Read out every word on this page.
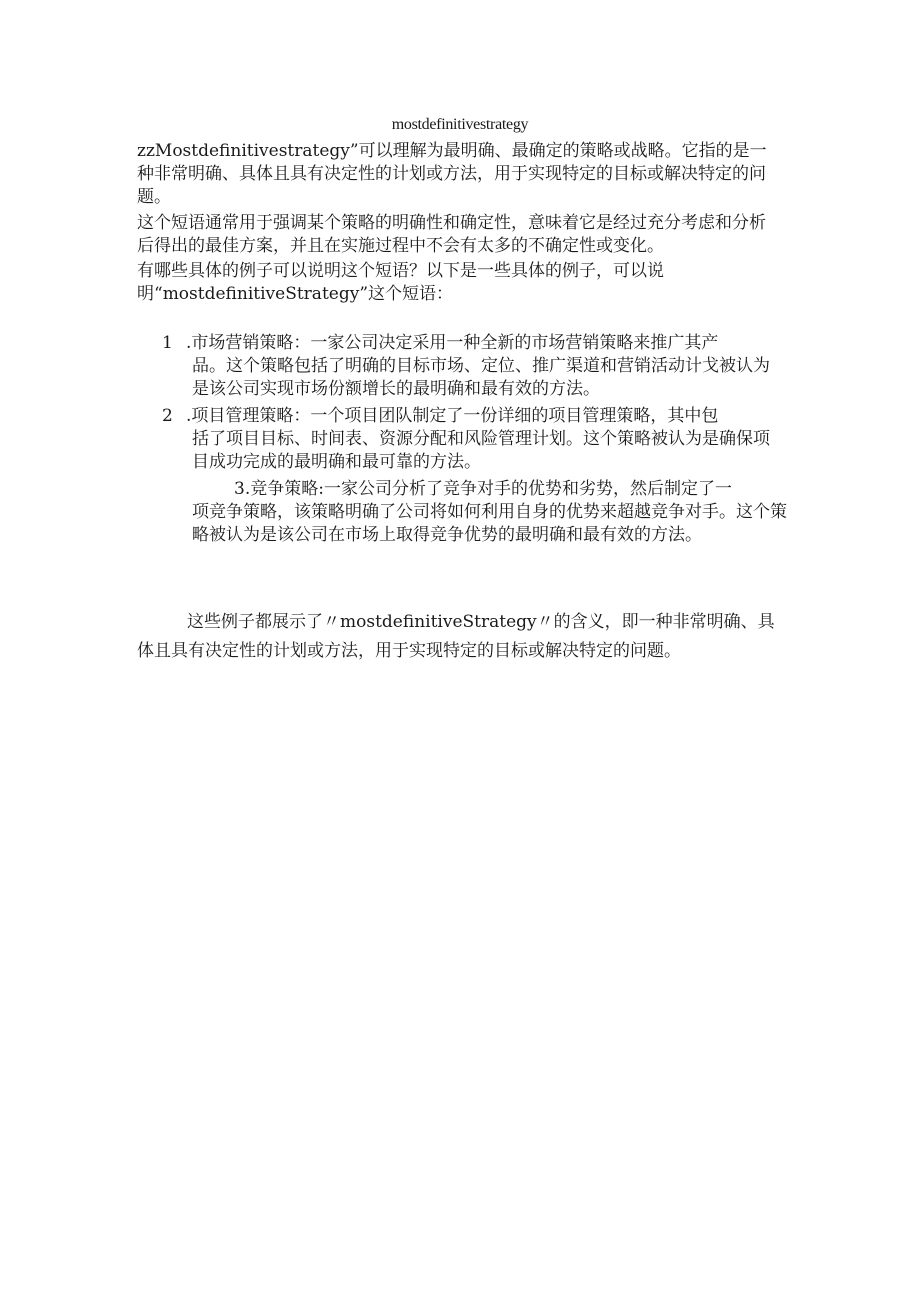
mostdefinitivestrategy

zzMostdefinitivestrategy”可以理解为最明确、最确定的策略或战略。它指的是一种非常明确、具体且具有决定性的计划或方法，用于实现特定的目标或解决特定的问题。

这个短语通常用于强调某个策略的明确性和确定性，意味着它是经过充分考虑和分析后得出的最佳方案，并且在实施过程中不会有太多的不确定性或变化。

有哪些具体的例子可以说明这个短语？以下是一些具体的例子，可以说明“mostdefinitiveStrategy”这个短语：

1 .市场营销策略：一家公司决定采用一种全新的市场营销策略来推广其产
品。这个策略包括了明确的目标市场、定位、推广渠道和营销活动计戈被认为是该公司实现市场份额增长的最明确和最有效的方法。
2 .项目管理策略：一个项目团队制定了一份详细的项目管理策略，其中包
括了项目目标、时间表、资源分配和风险管理计划。这个策略被认为是确保项目成功完成的最明确和最可靠的方法。
3.竞争策略:一家公司分析了竞争对手的优势和劣势，然后制定了一
项竞争策略，该策略明确了公司将如何利用自身的优势来超越竞争对手。这个策略被认为是该公司在市场上取得竞争优势的最明确和最有效的方法。
这些例子都展示了〃mostdefinitiveStrategy〃的含义，即一种非常明确、具体且具有决定性的计划或方法，用于实现特定的目标或解决特定的问题。
